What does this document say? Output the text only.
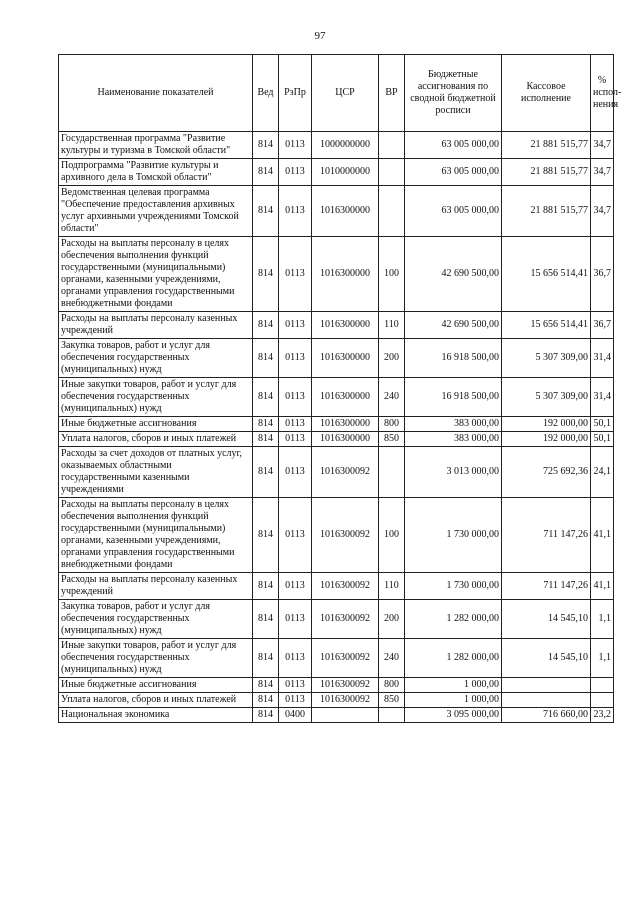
97
Наименование показателей	Вед	РзПр	ЦСР	ВР	Бюджетные ассигнования по сводной бюджетной росписи	Кассовое исполнение	% испол-нения
Государственная программа "Развитие культуры и туризма в Томской области"	814	0113	1000000000		63 005 000,00	21 881 515,77	34,7
Подпрограмма "Развитие культуры и архивного дела в Томской области"	814	0113	1010000000		63 005 000,00	21 881 515,77	34,7
Ведомственная целевая программа "Обеспечение предоставления архивных услуг архивными учреждениями Томской области"	814	0113	1016300000		63 005 000,00	21 881 515,77	34,7
Расходы на выплаты персоналу в целях обеспечения выполнения функций государственными (муниципальными) органами, казенными учреждениями, органами управления государственными внебюджетными фондами	814	0113	1016300000	100	42 690 500,00	15 656 514,41	36,7
Расходы на выплаты персоналу казенных учреждений	814	0113	1016300000	110	42 690 500,00	15 656 514,41	36,7
Закупка товаров, работ и услуг для обеспечения государственных (муниципальных) нужд	814	0113	1016300000	200	16 918 500,00	5 307 309,00	31,4
Иные закупки товаров, работ и услуг для обеспечения государственных (муниципальных) нужд	814	0113	1016300000	240	16 918 500,00	5 307 309,00	31,4
Иные бюджетные ассигнования	814	0113	1016300000	800	383 000,00	192 000,00	50,1
Уплата налогов, сборов и иных платежей	814	0113	1016300000	850	383 000,00	192 000,00	50,1
Расходы за счет доходов от платных услуг, оказываемых областными государственными казенными учреждениями	814	0113	1016300092		3 013 000,00	725 692,36	24,1
Расходы на выплаты персоналу в целях обеспечения выполнения функций государственными (муниципальными) органами, казенными учреждениями, органами управления государственными внебюджетными фондами	814	0113	1016300092	100	1 730 000,00	711 147,26	41,1
Расходы на выплаты персоналу казенных учреждений	814	0113	1016300092	110	1 730 000,00	711 147,26	41,1
Закупка товаров, работ и услуг для обеспечения государственных (муниципальных) нужд	814	0113	1016300092	200	1 282 000,00	14 545,10	1,1
Иные закупки товаров, работ и услуг для обеспечения государственных (муниципальных) нужд	814	0113	1016300092	240	1 282 000,00	14 545,10	1,1
Иные бюджетные ассигнования	814	0113	1016300092	800	1 000,00		
Уплата налогов, сборов и иных платежей	814	0113	1016300092	850	1 000,00		
Национальная экономика	814	0400			3 095 000,00	716 660,00	23,2
